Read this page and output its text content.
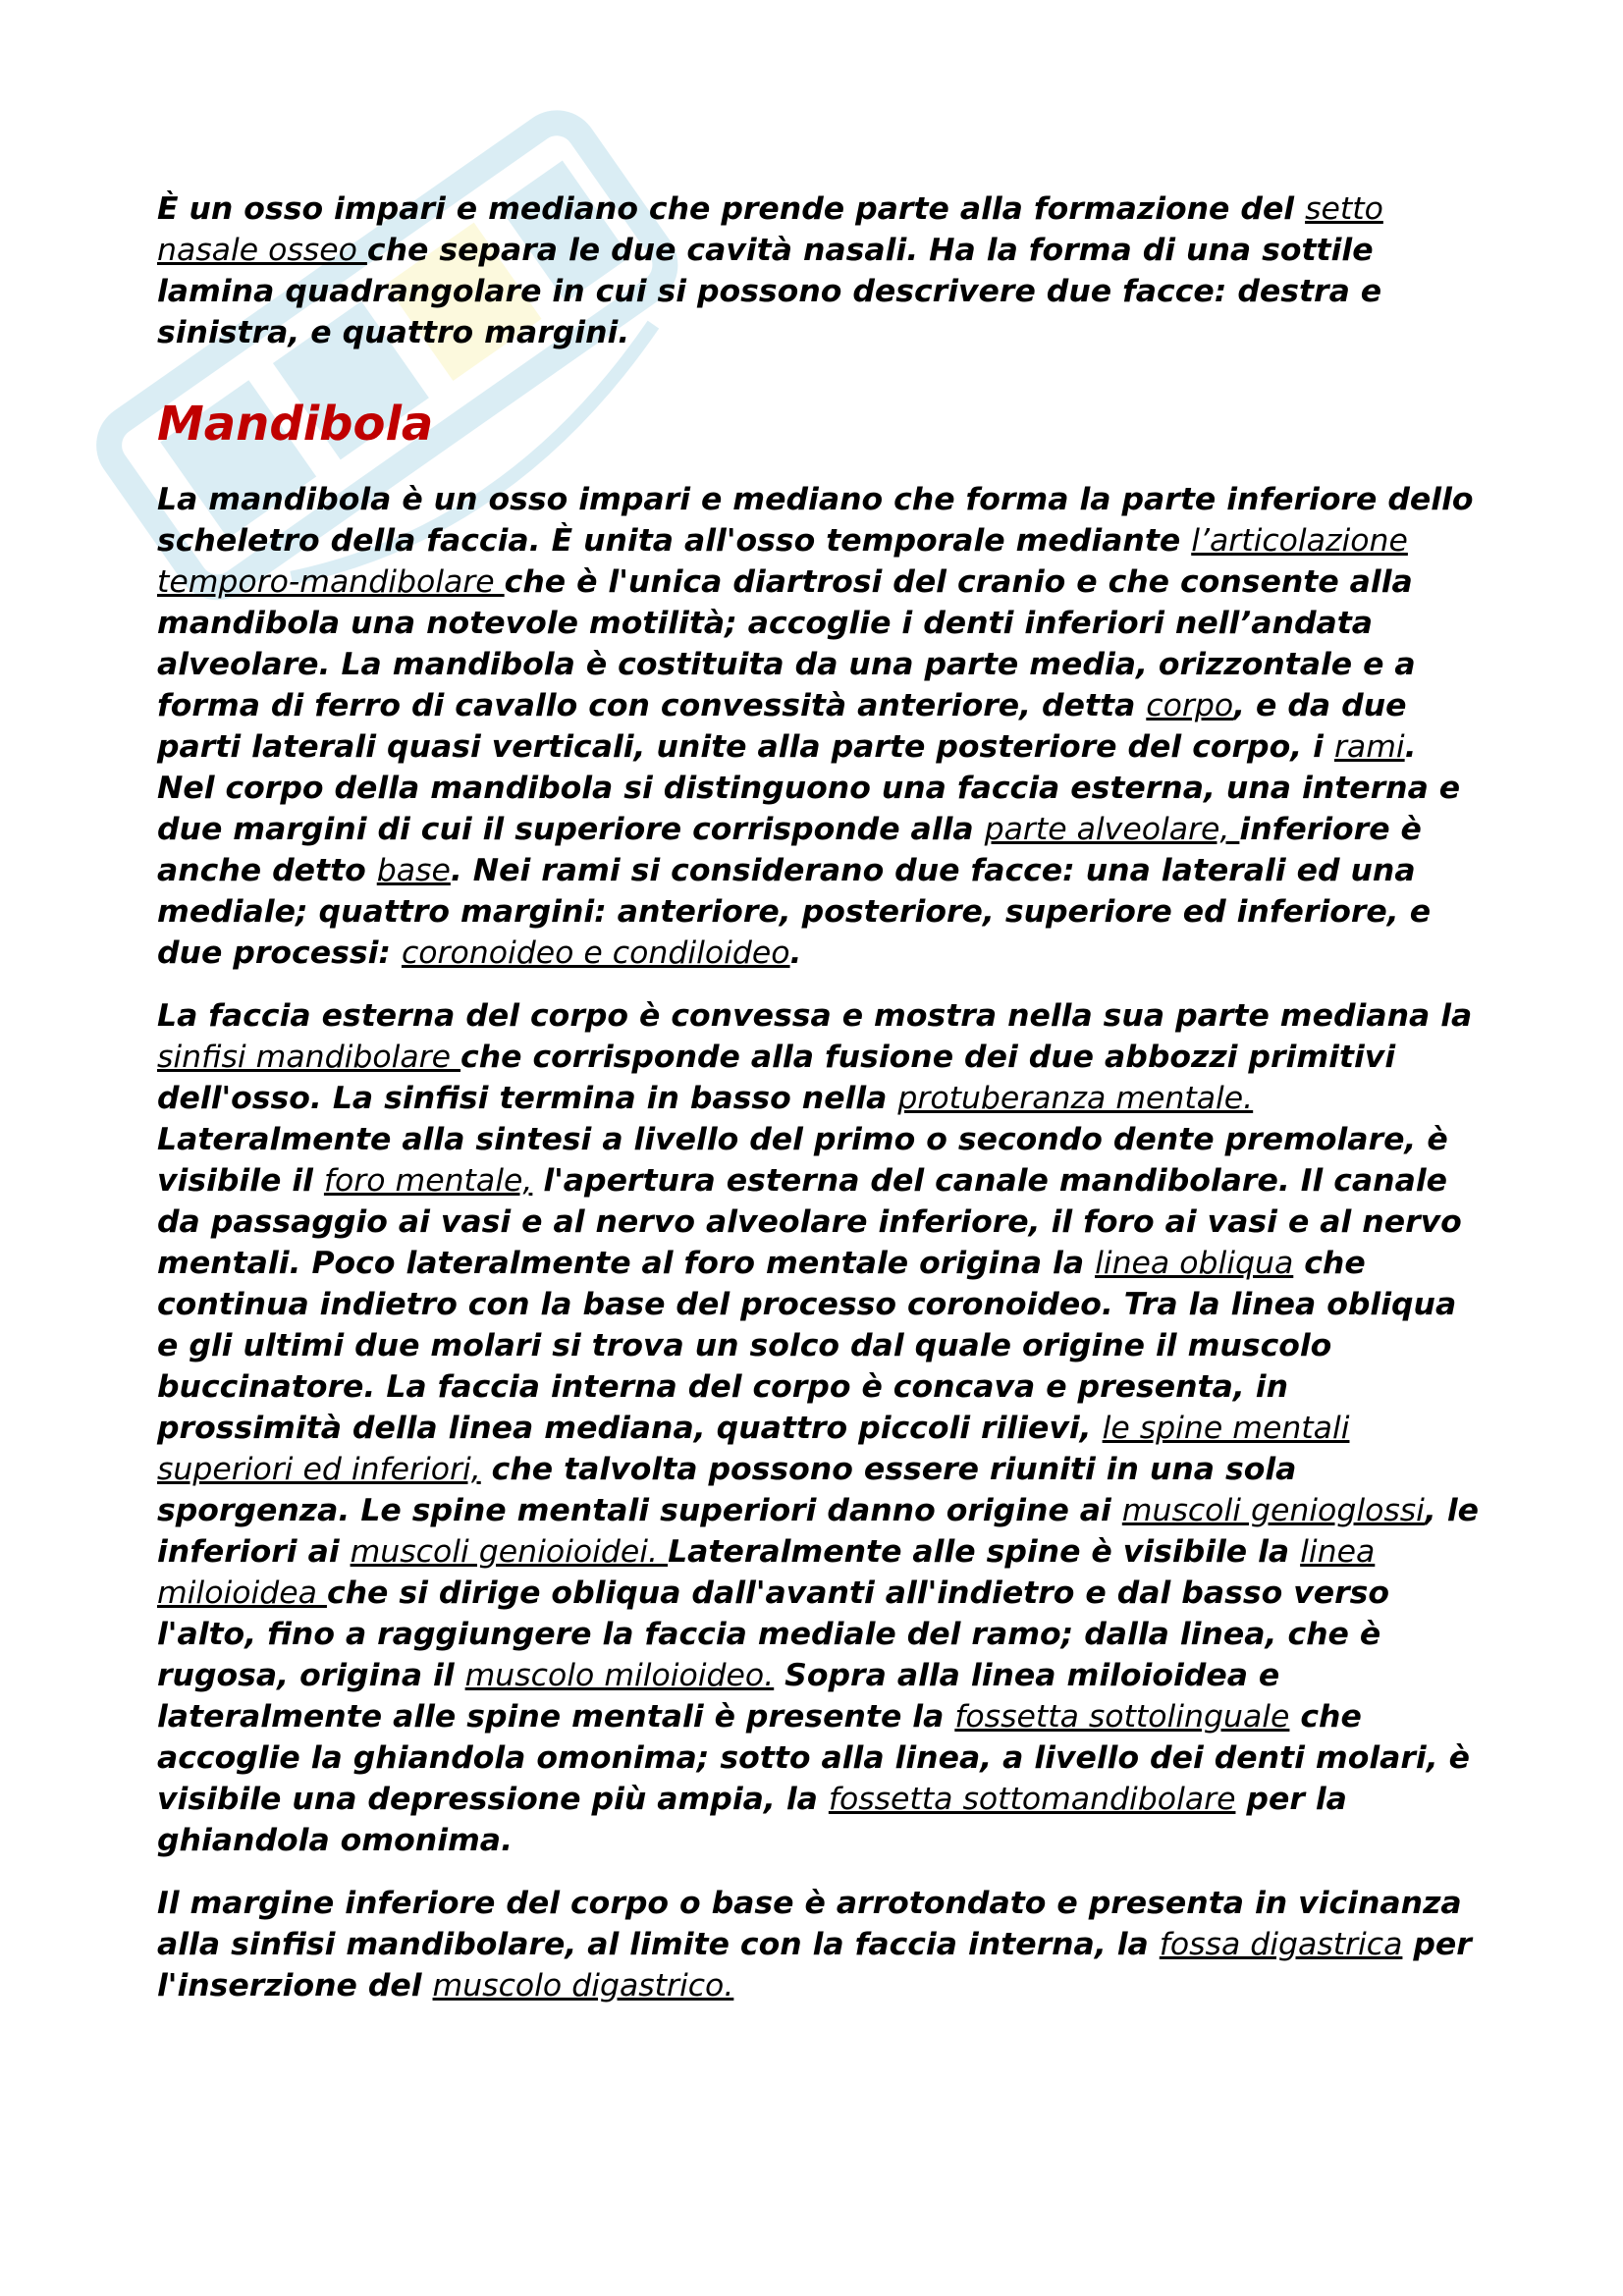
È un osso impari e mediano che prende parte alla formazione del setto nasale osseo che separa le due cavità nasali. Ha la forma di una sottile lamina quadrangolare in cui si possono descrivere due facce: destra e sinistra, e quattro margini.

Mandibola

La mandibola è un osso impari e mediano che forma la parte inferiore dello scheletro della faccia. È unita all'osso temporale mediante l’articolazione temporo-mandibolare che è l'unica diartrosi del cranio e che consente alla mandibola una notevole motilità; accoglie i denti inferiori nell’andata alveolare. La mandibola è costituita da una parte media, orizzontale e a forma di ferro di cavallo con convessità anteriore, detta corpo, e da due parti laterali quasi verticali, unite alla parte posteriore del corpo, i rami. Nel corpo della mandibola si distinguono una faccia esterna, una interna e due margini di cui il superiore corrisponde alla parte alveolare, inferiore è anche detto base. Nei rami si considerano due facce: una laterali ed una mediale; quattro margini: anteriore, posteriore, superiore ed inferiore, e due processi: coronoideo e condiloideo.

La faccia esterna del corpo è convessa e mostra nella sua parte mediana la sinfisi mandibolare che corrisponde alla fusione dei due abbozzi primitivi dell'osso. La sinfisi termina in basso nella protuberanza mentale. Lateralmente alla sintesi a livello del primo o secondo dente premolare, è visibile il foro mentale, l'apertura esterna del canale mandibolare. Il canale da passaggio ai vasi e al nervo alveolare inferiore, il foro ai vasi e al nervo mentali. Poco lateralmente al foro mentale origina la linea obliqua che continua indietro con la base del processo coronoideo. Tra la linea obliqua e gli ultimi due molari si trova un solco dal quale origine il muscolo buccinatore. La faccia interna del corpo è concava e presenta, in prossimità della linea mediana, quattro piccoli rilievi, le spine mentali superiori ed inferiori, che talvolta possono essere riuniti in una sola sporgenza. Le spine mentali superiori danno origine ai muscoli genioglossi, le inferiori ai muscoli genioioidei. Lateralmente alle spine è visibile la linea miloioidea che si dirige obliqua dall'avanti all'indietro e dal basso verso l'alto, fino a raggiungere la faccia mediale del ramo; dalla linea, che è rugosa, origina il muscolo miloioideo. Sopra alla linea miloioidea e lateralmente alle spine mentali è presente la fossetta sottolinguale che accoglie la ghiandola omonima; sotto alla linea, a livello dei denti molari, è visibile una depressione più ampia, la fossetta sottomandibolare per la ghiandola omonima.

Il margine inferiore del corpo o base è arrotondato e presenta in vicinanza alla sinfisi mandibolare, al limite con la faccia interna, la fossa digastrica per l'inserzione del muscolo digastrico.
